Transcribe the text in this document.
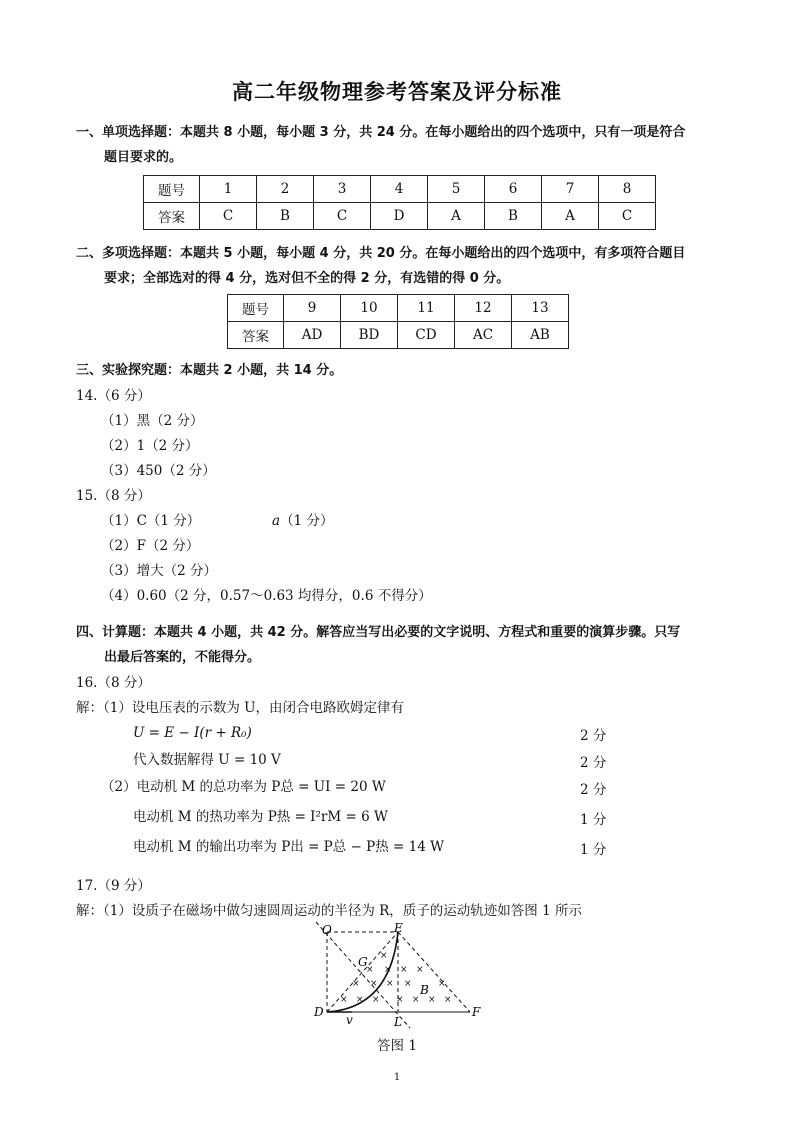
高二年级物理参考答案及评分标准
一、单项选择题：本题共 8 小题，每小题 3 分，共 24 分。在每小题给出的四个选项中，只有一项是符合
题目要求的。
题号	1	2	3	4	5	6	7	8
答案	C	B	C	D	A	B	A	C
二、多项选择题：本题共 5 小题，每小题 4 分，共 20 分。在每小题给出的四个选项中，有多项符合题目
要求；全部选对的得 4 分，选对但不全的得 2 分，有选错的得 0 分。
题号	9	10	11	12	13
答案	AD	BD	CD	AC	AB
三、实验探究题：本题共 2 小题，共 14 分。
14.（6 分）
（1）黑（2 分）
（2）1（2 分）
（3）450（2 分）
15.（8 分）
（1）C（1 分）	a（1 分）
（2）F（2 分）
（3）增大（2 分）
（4）0.60（2 分，0.57～0.63 均得分，0.6 不得分）
四、计算题：本题共 4 小题，共 42 分。解答应当写出必要的文字说明、方程式和重要的演算步骤。只写
出最后答案的，不能得分。
16.（8 分）
解：（1）设电压表的示数为 U，由闭合电路欧姆定律有
U = E − I(r + R₀)	2 分
代入数据解得 U = 10 V	2 分
（2）电动机 M 的总功率为 P总 = UI = 20 W	2 分
电动机 M 的热功率为 P热 = I²rM = 6 W	1 分
电动机 M 的输出功率为 P出 = P总 − P热 = 14 W	1 分
17.（9 分）
解：（1）设质子在磁场中做匀速圆周运动的半径为 R，质子的运动轨迹如答图 1 所示
×
× × × ×
× × × ×	×
× × × × × × ×
O	E
G
B
D
v	L
F
答图 1
1
